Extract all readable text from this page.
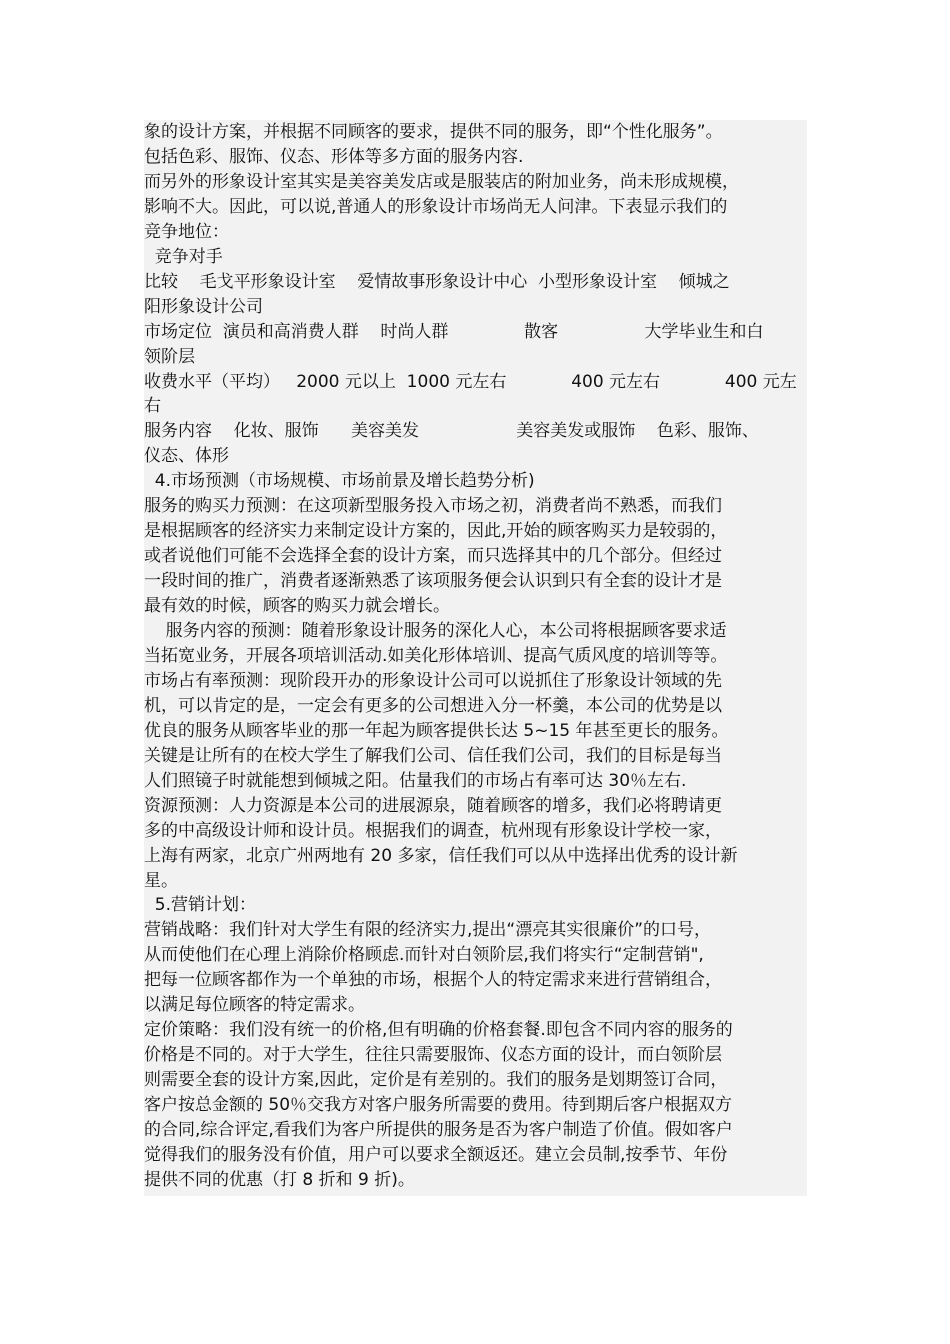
象的设计方案，并根据不同顾客的要求，提供不同的服务，即“个性化服务”。
包括色彩、服饰、仪态、形体等多方面的服务内容.
而另外的形象设计室其实是美容美发店或是服装店的附加业务，尚未形成规模，
影响不大。因此，可以说,普通人的形象设计市场尚无人问津。下表显示我们的
竞争地位：
竞争对手
比较    毛戈平形象设计室    爱情故事形象设计中心  小型形象设计室    倾城之
阳形象设计公司
市场定位  演员和高消费人群    时尚人群              散客                大学毕业生和白
领阶层
收费水平（平均）   2000 元以上  1000 元左右            400 元左右            400 元左
右
服务内容    化妆、服饰      美容美发                  美容美发或服饰    色彩、服饰、
仪态、体形
4.市场预测（市场规模、市场前景及增长趋势分析)
服务的购买力预测：在这项新型服务投入市场之初，消费者尚不熟悉，而我们
是根据顾客的经济实力来制定设计方案的，因此,开始的顾客购买力是较弱的，
或者说他们可能不会选择全套的设计方案，而只选择其中的几个部分。但经过
一段时间的推广，消费者逐渐熟悉了该项服务便会认识到只有全套的设计才是
最有效的时候，顾客的购买力就会增长。
服务内容的预测：随着形象设计服务的深化人心，本公司将根据顾客要求适
当拓宽业务，开展各项培训活动.如美化形体培训、提高气质风度的培训等等。
市场占有率预测：现阶段开办的形象设计公司可以说抓住了形象设计领域的先
机，可以肯定的是，一定会有更多的公司想进入分一杯羹，本公司的优势是以
优良的服务从顾客毕业的那一年起为顾客提供长达 5~15 年甚至更长的服务。
关键是让所有的在校大学生了解我们公司、信任我们公司，我们的目标是每当
人们照镜子时就能想到倾城之阳。估量我们的市场占有率可达 30％左右.
资源预测：人力资源是本公司的进展源泉，随着顾客的增多，我们必将聘请更
多的中高级设计师和设计员。根据我们的调查，杭州现有形象设计学校一家，
上海有两家，北京广州两地有 20 多家，信任我们可以从中选择出优秀的设计新
星。
5.营销计划：
营销战略：我们针对大学生有限的经济实力,提出“漂亮其实很廉价”的口号，
从而使他们在心理上消除价格顾虑.而针对白领阶层,我们将实行“定制营销",
把每一位顾客都作为一个单独的市场，根据个人的特定需求来进行营销组合，
以满足每位顾客的特定需求。
定价策略：我们没有统一的价格,但有明确的价格套餐.即包含不同内容的服务的
价格是不同的。对于大学生，往往只需要服饰、仪态方面的设计，而白领阶层
则需要全套的设计方案,因此，定价是有差别的。我们的服务是划期签订合同，
客户按总金额的 50％交我方对客户服务所需要的费用。待到期后客户根据双方
的合同,综合评定,看我们为客户所提供的服务是否为客户制造了价值。假如客户
觉得我们的服务没有价值，用户可以要求全额返还。建立会员制,按季节、年份
提供不同的优惠（打 8 折和 9 折)。
